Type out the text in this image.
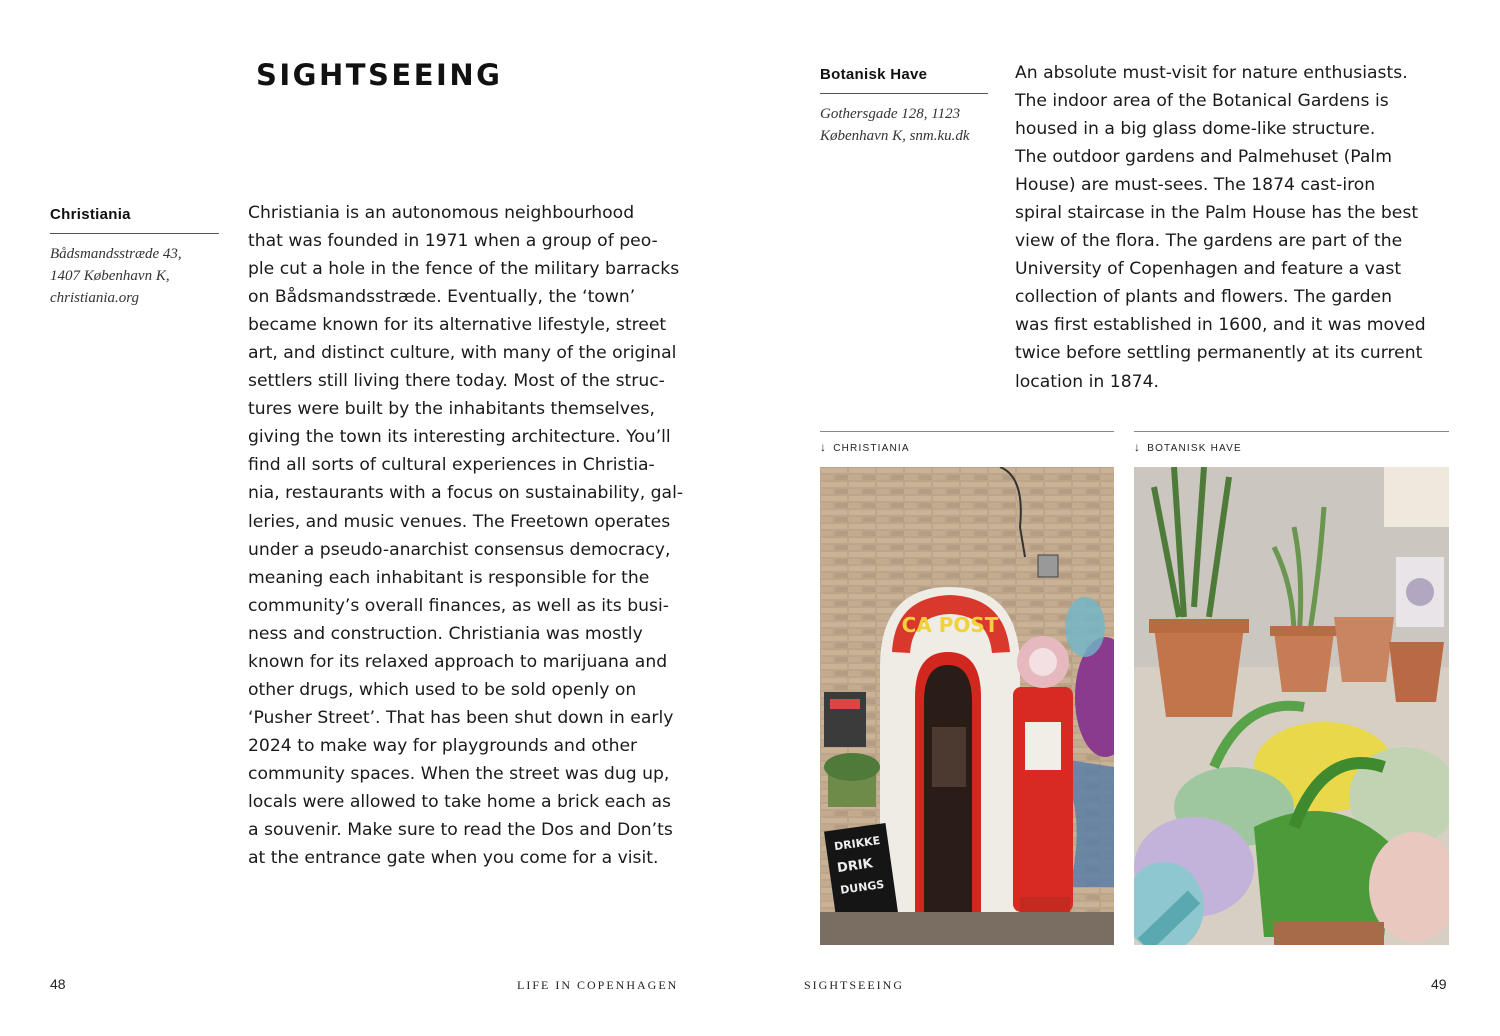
SIGHTSEEING
Christiania
Bådsmandsstræde 43,
1407 København K,
christiania.org
Christiania is an autonomous neighbourhood
that was founded in 1971 when a group of peo-
ple cut a hole in the fence of the military barracks
on Bådsmandsstræde. Eventually, the ‘town’
became known for its alternative lifestyle, street
art, and distinct culture, with many of the original
settlers still living there today. Most of the struc-
tures were built by the inhabitants themselves,
giving the town its interesting architecture. You’ll
find all sorts of cultural experiences in Christia-
nia, restaurants with a focus on sustainability, gal-
leries, and music venues. The Freetown operates
under a pseudo-anarchist consensus democracy,
meaning each inhabitant is responsible for the
community’s overall finances, as well as its busi-
ness and construction. Christiania was mostly
known for its relaxed approach to marijuana and
other drugs, which used to be sold openly on
‘Pusher Street’. That has been shut down in early
2024 to make way for playgrounds and other
community spaces. When the street was dug up,
locals were allowed to take home a brick each as
a souvenir. Make sure to read the Dos and Don’ts
at the entrance gate when you come for a visit.
Botanisk Have
Gothersgade 128, 1123
København K, snm.ku.dk
An absolute must-visit for nature enthusiasts.
The indoor area of the Botanical Gardens is
housed in a big glass dome-like structure.
The outdoor gardens and Palmehuset (Palm
House) are must-sees. The 1874 cast-iron
spiral staircase in the Palm House has the best
view of the flora. The gardens are part of the
University of Copenhagen and feature a vast
collection of plants and flowers. The garden
was first established in 1600, and it was moved
twice before settling permanently at its current
location in 1874.
↓ CHRISTIANIA	↓ BOTANISK HAVE
CA POST
DRIKKE
DRIK
DUNGS
48	LIFE IN COPENHAGEN	SIGHTSEEING	49
